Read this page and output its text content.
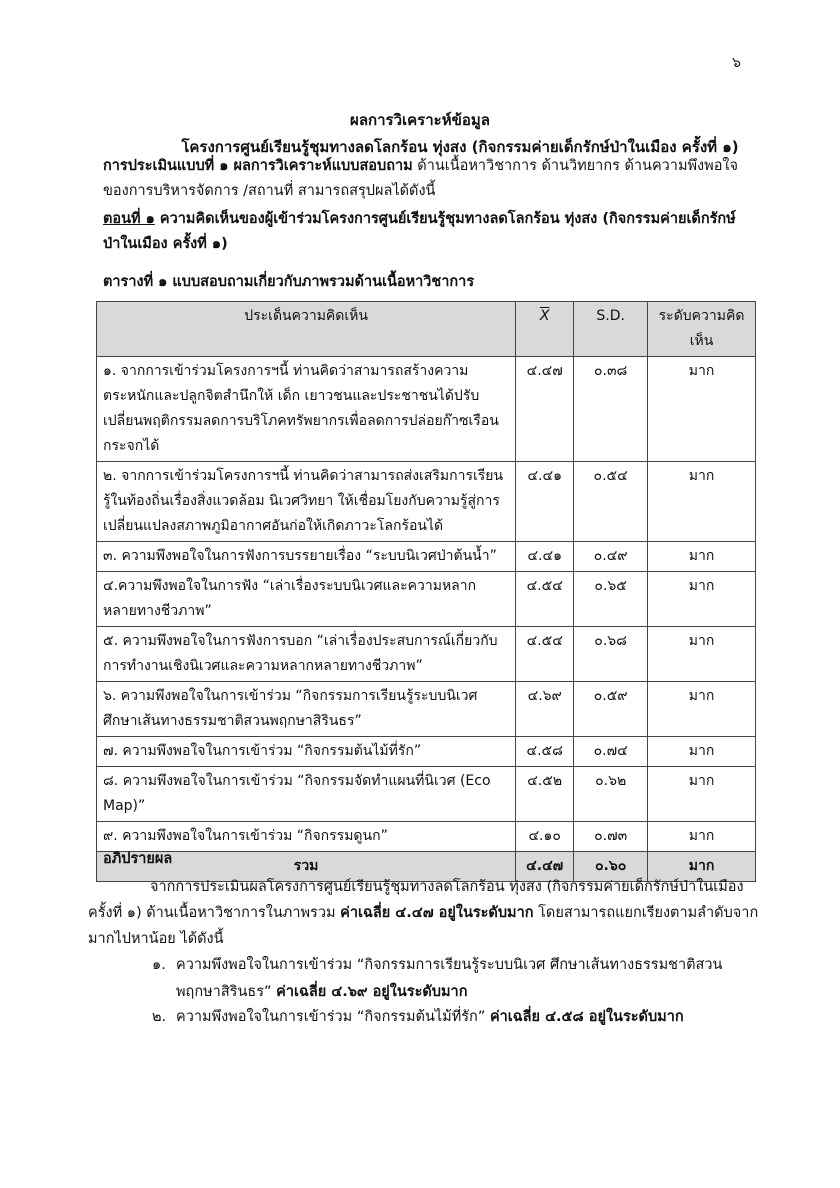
๖
ผลการวิเคราะห์ข้อมูล
โครงการศูนย์เรียนรู้ชุมทางลดโลกร้อน ทุ่งสง (กิจกรรมค่ายเด็กรักษ์ป่าในเมือง ครั้งที่ ๑)
การประเมินแบบที่ ๑ ผลการวิเคราะห์แบบสอบถาม ด้านเนื้อหาวิชาการ ด้านวิทยากร ด้านความพึงพอใจ
ของการบริหารจัดการ /สถานที่ สามารถสรุปผลได้ดังนี้
ตอนที่ ๑ ความคิดเห็นของผู้เข้าร่วมโครงการศูนย์เรียนรู้ชุมทางลดโลกร้อน ทุ่งสง (กิจกรรมค่ายเด็กรักษ์
ป่าในเมือง ครั้งที่ ๑)
ตารางที่ ๑ แบบสอบถามเกี่ยวกับภาพรวมด้านเนื้อหาวิชาการ
ประเด็นความคิดเห็น	$\overline{X}$	S.D.	ระดับความคิดเห็น
๑. จากการเข้าร่วมโครงการฯนี้ ท่านคิดว่าสามารถสร้างความตระหนักและปลูกจิตสำนึกให้ เด็ก เยาวชนและประชาชนได้ปรับเปลี่ยนพฤติกรรมลดการบริโภคทรัพยากรเพื่อลดการปล่อยก๊าซเรือนกระจกได้	๔.๔๗	๐.๓๘	มาก
๒. จากการเข้าร่วมโครงการฯนี้ ท่านคิดว่าสามารถส่งเสริมการเรียนรู้ในท้องถิ่นเรื่องสิ่งแวดล้อม นิเวศวิทยา ให้เชื่อมโยงกับความรู้สู่การเปลี่ยนแปลงสภาพภูมิอากาศอันก่อให้เกิดภาวะโลกร้อนได้	๔.๔๑	๐.๕๔	มาก
๓. ความพึงพอใจในการฟังการบรรยายเรื่อง “ระบบนิเวศป่าต้นน้ำ”	๔.๔๑	๐.๔๙	มาก
๔.ความพึงพอใจในการฟัง “เล่าเรื่องระบบนิเวศและความหลากหลายทางชีวภาพ”	๔.๕๔	๐.๖๕	มาก
๕. ความพึงพอใจในการฟังการบอก “เล่าเรื่องประสบการณ์เกี่ยวกับการทำงานเชิงนิเวศและความหลากหลายทางชีวภาพ”	๔.๕๔	๐.๖๘	มาก
๖. ความพึงพอใจในการเข้าร่วม “กิจกรรมการเรียนรู้ระบบนิเวศศึกษาเส้นทางธรรมชาติสวนพฤกษาสิรินธร”	๔.๖๙	๐.๕๙	มาก
๗. ความพึงพอใจในการเข้าร่วม “กิจกรรมต้นไม้ที่รัก”	๔.๕๘	๐.๗๔	มาก
๘. ความพึงพอใจในการเข้าร่วม “กิจกรรมจัดทำแผนที่นิเวศ (Eco Map)”	๔.๕๒	๐.๖๒	มาก
๙. ความพึงพอใจในการเข้าร่วม “กิจกรรมดูนก”	๔.๑๐	๐.๗๓	มาก
รวม	๔.๔๗	๐.๖๐	มาก
อภิปรายผล
จากการประเมินผลโครงการศูนย์เรียนรู้ชุมทางลดโลกร้อน ทุ่งสง (กิจกรรมค่ายเด็กรักษ์ป่าในเมือง
ครั้งที่ ๑) ด้านเนื้อหาวิชาการในภาพรวม ค่าเฉลี่ย ๔.๔๗ อยู่ในระดับมาก โดยสามารถแยกเรียงตามลำดับจาก
มากไปหาน้อย ได้ดังนี้
๑. ความพึงพอใจในการเข้าร่วม “กิจกรรมการเรียนรู้ระบบนิเวศ ศึกษาเส้นทางธรรมชาติสวน
พฤกษาสิรินธร” ค่าเฉลี่ย ๔.๖๙ อยู่ในระดับมาก
๒. ความพึงพอใจในการเข้าร่วม “กิจกรรมต้นไม้ที่รัก” ค่าเฉลี่ย ๔.๕๘ อยู่ในระดับมาก
